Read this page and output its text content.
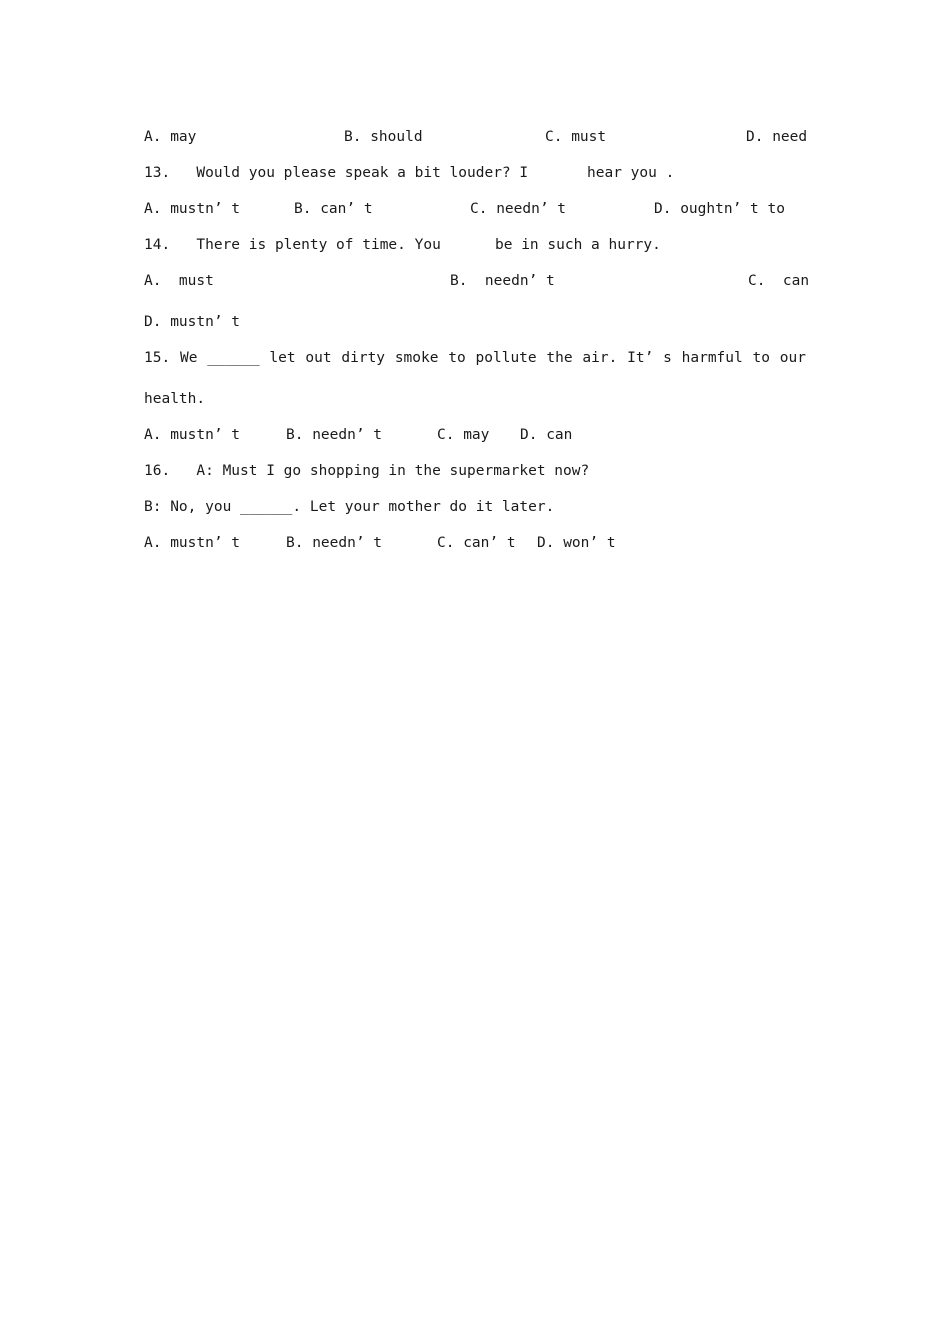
A. may

	B. should

	C. must

	D. need

13.   Would you please speak a bit louder? I

	hear you .

A. mustn’ t

	B. can’ t

	C. needn’ t

	D. oughtn’ t to

14.   There is plenty of time. You

	be in such a hurry.

A.  must

	B.  needn’ t

	C.  can

D. mustn’ t

15. We ______ let out dirty smoke to pollute the air. It’ s harmful to our
health.

A. mustn’ t

	B. needn’ t

	C. may

D. can

16.   A: Must I go shopping in the supermarket now?
B: No, you ______. Let your mother do it later.

A. mustn’ t

	B. needn’ t

	C. can’ t

D. won’ t
